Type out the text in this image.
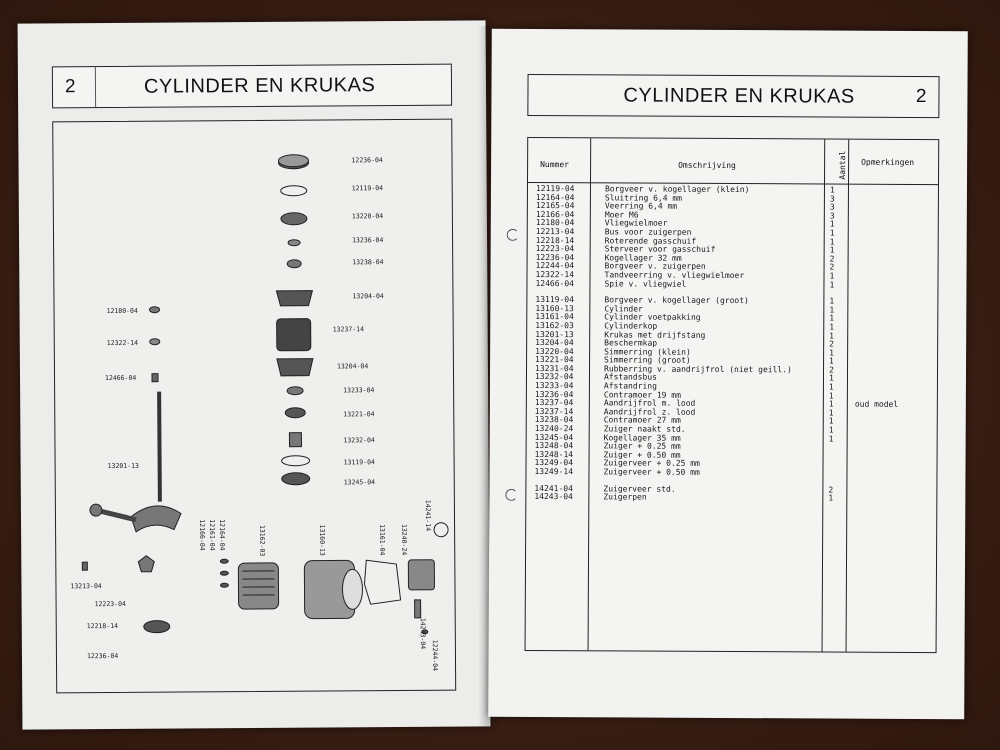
2	CYLINDER EN KRUKAS
12236-04
12119-04
13220-04
13236-04
13238-04
13204-04
13237-14
13204-04
13233-04
13221-04
13232-04
13119-04
13245-04
12180-04
12322-14
12466-04
13201-13
13213-04
12223-04
12218-14
12236-04
12166-04 12161-04 12164-04	13162-03	13160-13	13161-04 13240-24
14241-14
14243-04
12244-04
CYLINDER EN KRUKAS	2
Nummer	Omschrijving	Aantal Opmerkingen
12119-04	Borgveer v. kogellager (klein)	1
12164-04	Sluitring 6,4 mm	3
12165-04	Veerring 6,4 mm	3
12166-04	Moer M6	3
12180-04	Vliegwielmoer	1
12213-04	Bus voor zuigerpen	1
12218-14	Roterende gasschuif	1
12223-04	Sterveer voor gasschuif	1
12236-04	Kogellager 32 mm	2
12244-04	Borgveer v. zuigerpen	2
12322-14	Tandveerring v. vliegwielmoer	1
12466-04	Spie v. vliegwiel	1
13119-04	Borgveer v. kogellager (groot)	1
13160-13	Cylinder	1
13161-04	Cylinder voetpakking	1
13162-03	Cylinderkop	1
13201-13	Krukas met drijfstang	1
13204-04	Beschermkap	2
13220-04	Simmerring (klein)	1
13221-04	Simmerring (groot)	1
13231-04	Rubberring v. aandrijfrol (niet geill.)	2
13232-04	Afstandsbus	1
13233-04	Afstandring	1
13236-04	Contramoer 19 mm	1
13237-04	Aandrijfrol m. lood	1	oud model
13237-14	Aandrijfrol z. lood	1
13238-04	Contramoer 27 mm	1
13240-24	Zuiger naakt std.	1
13245-04	Kogellager 35 mm	1
13248-04	Zuiger + 0.25 mm
13248-14	Zuiger + 0.50 mm
13249-04	Zuigerveer + 0.25 mm
13249-14	Zuigerveer + 0.50 mm
14241-04	Zuigerveer std.	2
14243-04	Zuigerpen	1
